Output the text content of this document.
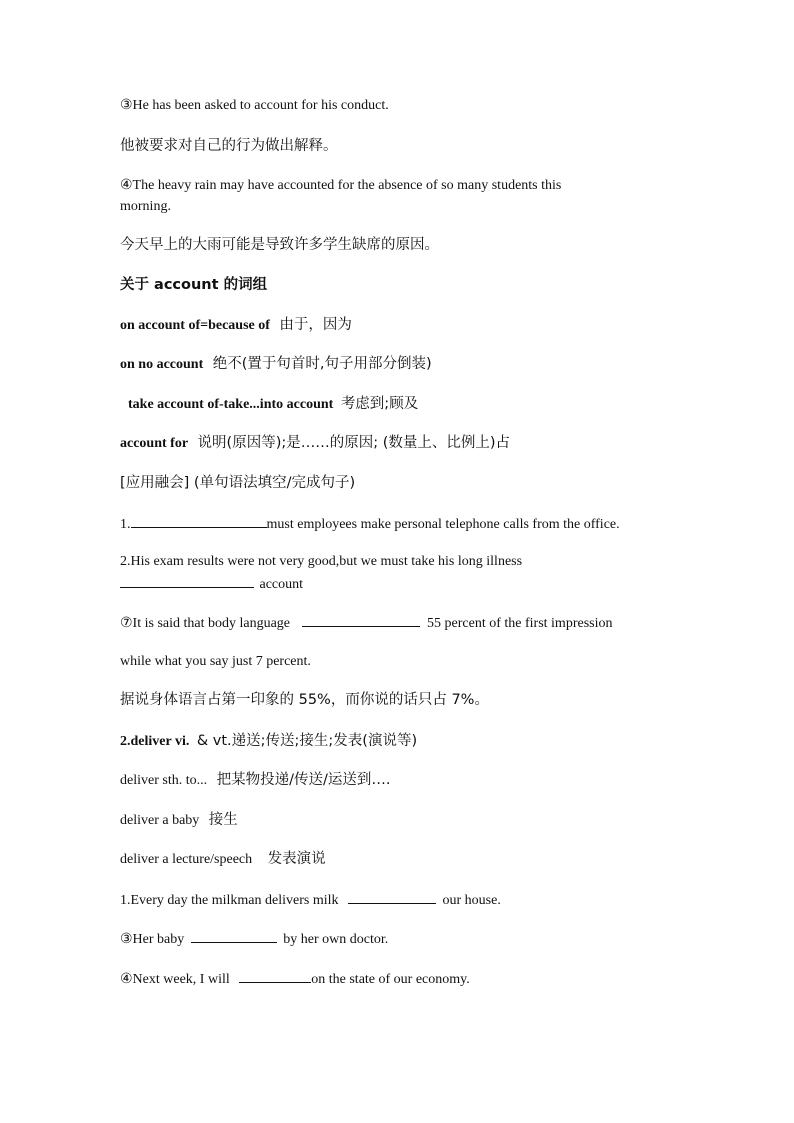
③He has been asked to account for his conduct.
他被要求对自己的行为做出解释。
④The heavy rain may have accounted for the absence of so many students this
morning.
今天早上的大雨可能是导致许多学生缺席的原因。
关于 account 的词组
on account of=because of 由于，因为
on no account 绝不(置于句首时,句子用部分倒装)
take account of-take...into account 考虑到;顾及
account for 说明(原因等);是……的原因; (数量上、比例上)占
[应用融会] (单句语法填空/完成句子)
1.	must employees make personal telephone calls from the office.
2.His exam results were not very good,but we must take his long illness
account
⑦It is said that body language	55 percent of the first impression
while what you say just 7 percent.
据说身体语言占第一印象的 55%，而你说的话只占 7%。
2.deliver vi. & vt.递送;传送;接生;发表(演说等)
deliver sth. to... 把某物投递/传送/运送到….
deliver a baby 接生
deliver a lecture/speech 发表演说
1.Every day the milkman delivers milk	our house.
③Her baby	by her own doctor.
④Next week, I will	on the state of our economy.
